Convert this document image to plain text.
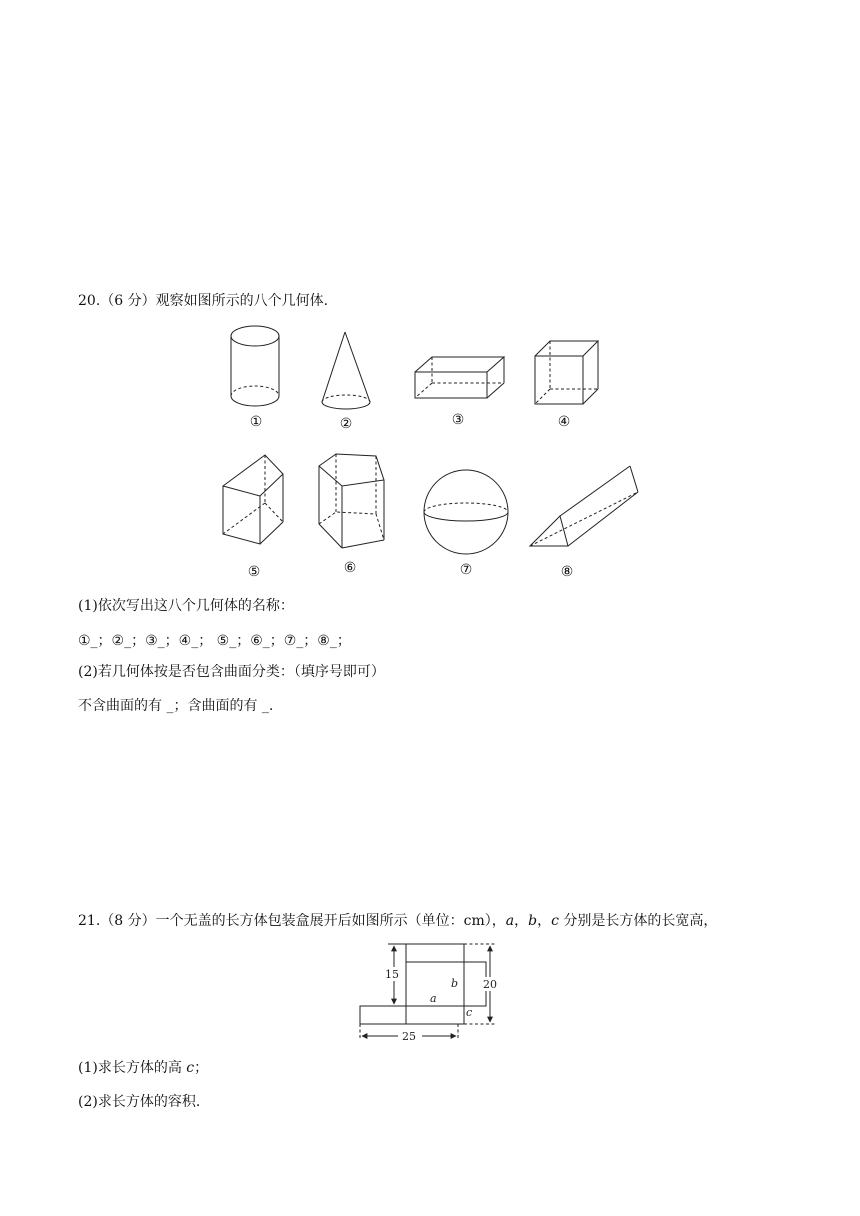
20.（6 分）观察如图所示的八个几何体.
①	②	③	④
⑤	⑥	⑦	⑧
(1)依次写出这八个几何体的名称：
①_；②_；③_；④_； ⑤_；⑥_；⑦_；⑧_；
(2)若几何体按是否包含曲面分类：（填序号即可）
不含曲面的有 _；含曲面的有 _.
21.（8 分）一个无盖的长方体包装盒展开后如图所示（单位：cm），a，b，c 分别是长方体的长宽高，
15
20
25
a
b
c
(1)求长方体的高 c；
(2)求长方体的容积.
